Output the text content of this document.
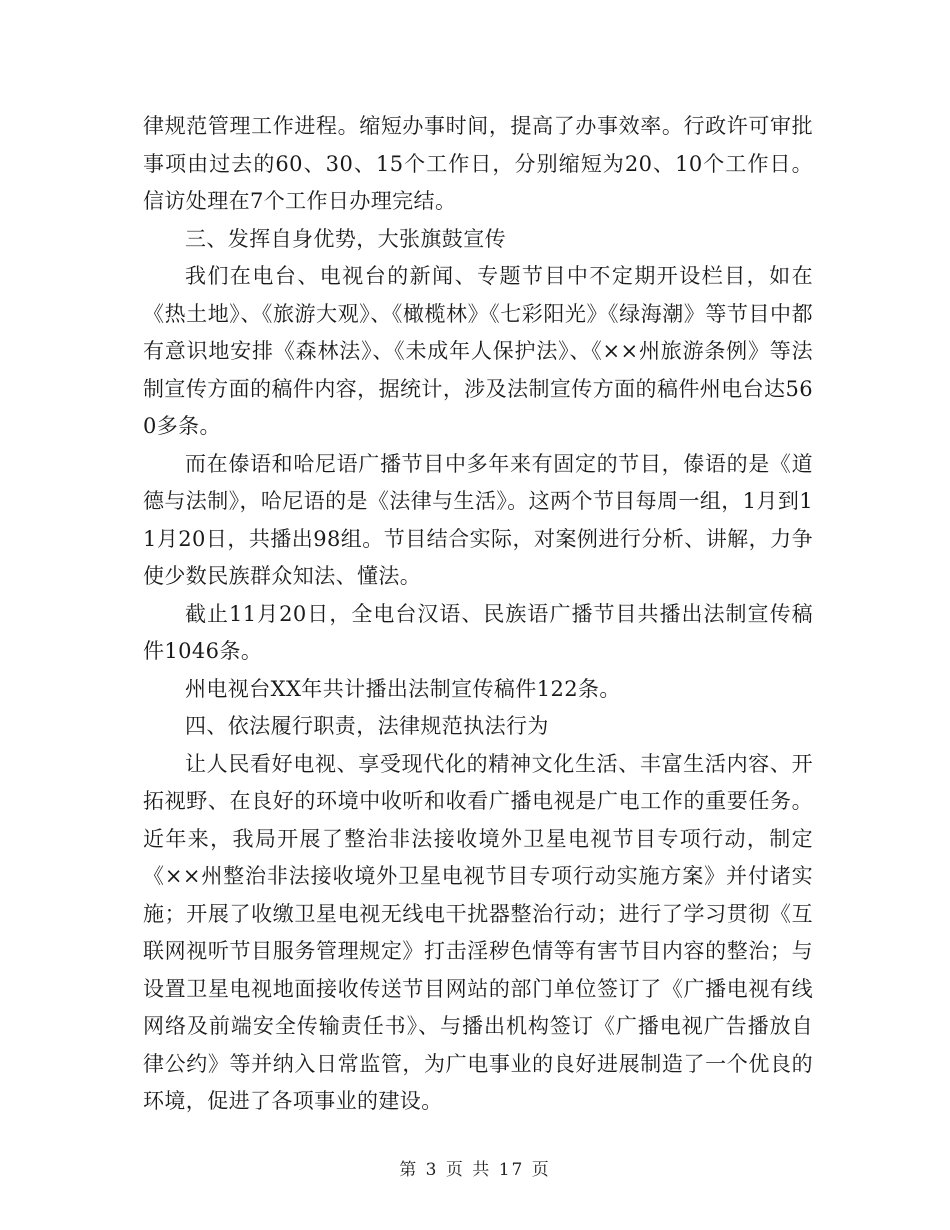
律规范管理工作进程。缩短办事时间，提高了办事效率。行政许可审批事项由过去的60、30、15个工作日，分别缩短为20、10个工作日。信访处理在7个工作日办理完结。

三、发挥自身优势，大张旗鼓宣传

我们在电台、电视台的新闻、专题节目中不定期开设栏目，如在《热土地》、《旅游大观》、《橄榄林》《七彩阳光》《绿海潮》等节目中都有意识地安排《森林法》、《未成年人保护法》、《××州旅游条例》等法制宣传方面的稿件内容，据统计，涉及法制宣传方面的稿件州电台达560多条。

而在傣语和哈尼语广播节目中多年来有固定的节目，傣语的是《道德与法制》，哈尼语的是《法律与生活》。这两个节目每周一组，1月到11月20日，共播出98组。节目结合实际，对案例进行分析、讲解，力争使少数民族群众知法、懂法。

截止11月20日，全电台汉语、民族语广播节目共播出法制宣传稿件1046条。

州电视台XX年共计播出法制宣传稿件122条。

四、依法履行职责，法律规范执法行为

让人民看好电视、享受现代化的精神文化生活、丰富生活内容、开拓视野、在良好的环境中收听和收看广播电视是广电工作的重要任务。近年来，我局开展了整治非法接收境外卫星电视节目专项行动，制定《××州整治非法接收境外卫星电视节目专项行动实施方案》并付诸实施；开展了收缴卫星电视无线电干扰器整治行动；进行了学习贯彻《互联网视听节目服务管理规定》打击淫秽色情等有害节目内容的整治；与设置卫星电视地面接收传送节目网站的部门单位签订了《广播电视有线网络及前端安全传输责任书》、与播出机构签订《广播电视广告播放自律公约》等并纳入日常监管，为广电事业的良好进展制造了一个优良的环境，促进了各项事业的建设。

第 3 页 共 17 页
